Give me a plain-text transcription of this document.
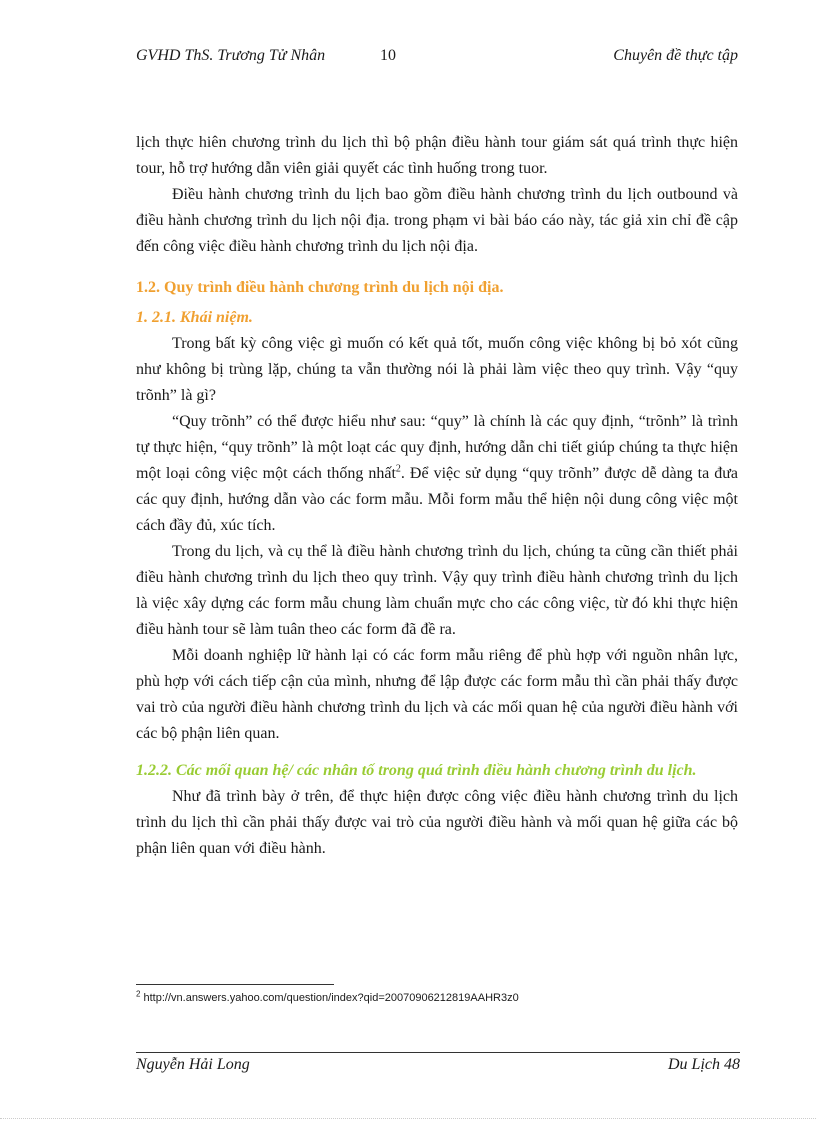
GVHD ThS. Trương Tử Nhân	10	Chuyên đề thực tập

lịch thực hiên chương trình du lịch thì bộ phận điều hành tour giám sát quá trình thực hiện tour, hỗ trợ hướng dẫn viên giải quyết các tình huống trong tuor.

Điều hành chương trình du lịch bao gồm điều hành chương trình du lịch outbound và điều hành chương trình du lịch nội địa. trong phạm vi bài báo cáo này, tác giả xin chỉ đề cập đến công việc điều hành chương trình du lịch nội địa.

1.2. Quy trình điều hành chương trình du lịch nội địa.
1. 2.1. Khái niệm.

Trong bất kỳ công việc gì muốn có kết quả tốt, muốn công việc không bị bỏ xót cũng như không bị trùng lặp, chúng ta vẫn thường nói là phải làm việc theo quy trình. Vậy “quy trõnh” là gì?

“Quy trõnh” có thể được hiểu như sau: “quy” là chính là các quy định, “trõnh” là trình tự thực hiện, “quy trõnh” là một loạt các quy định, hướng dẫn chi tiết giúp chúng ta thực hiện một loại công việc một cách thống nhất$^2$. Để việc sử dụng “quy trõnh” được dễ dàng ta đưa các quy định, hướng dẫn vào các form mẫu. Mỗi form mẫu thể hiện nội dung công việc một cách đầy đủ, xúc tích.

Trong du lịch, và cụ thể là điều hành chương trình du lịch, chúng ta cũng cần thiết phải điều hành chương trình du lịch theo quy trình. Vậy quy trình điều hành chương trình du lịch là việc xây dựng các form mẫu chung làm chuẩn mực cho các công việc, từ đó khi thực hiện điều hành tour sẽ làm tuân theo các form đã đề ra.

Mỗi doanh nghiệp lữ hành lại có các form mẫu riêng để phù hợp với nguồn nhân lực, phù hợp với cách tiếp cận của mình, nhưng để lập được các form mẫu thì cần phải thấy được vai trò của người điều hành chương trình du lịch và các mối quan hệ của người điều hành với các bộ phận liên quan.

1.2.2. Các mối quan hệ/ các nhân tố trong quá trình điều hành chương trình du lịch.

Như đã trình bày ở trên, để thực hiện được công việc điều hành chương trình du lịch trình du lịch thì cần phải thấy được vai trò của người điều hành và mối quan hệ giữa các bộ phận liên quan với điều hành.

$^2$ http://vn.answers.yahoo.com/question/index?qid=20070906212819AAHR3z0
Nguyễn Hải Long	Du Lịch 48
